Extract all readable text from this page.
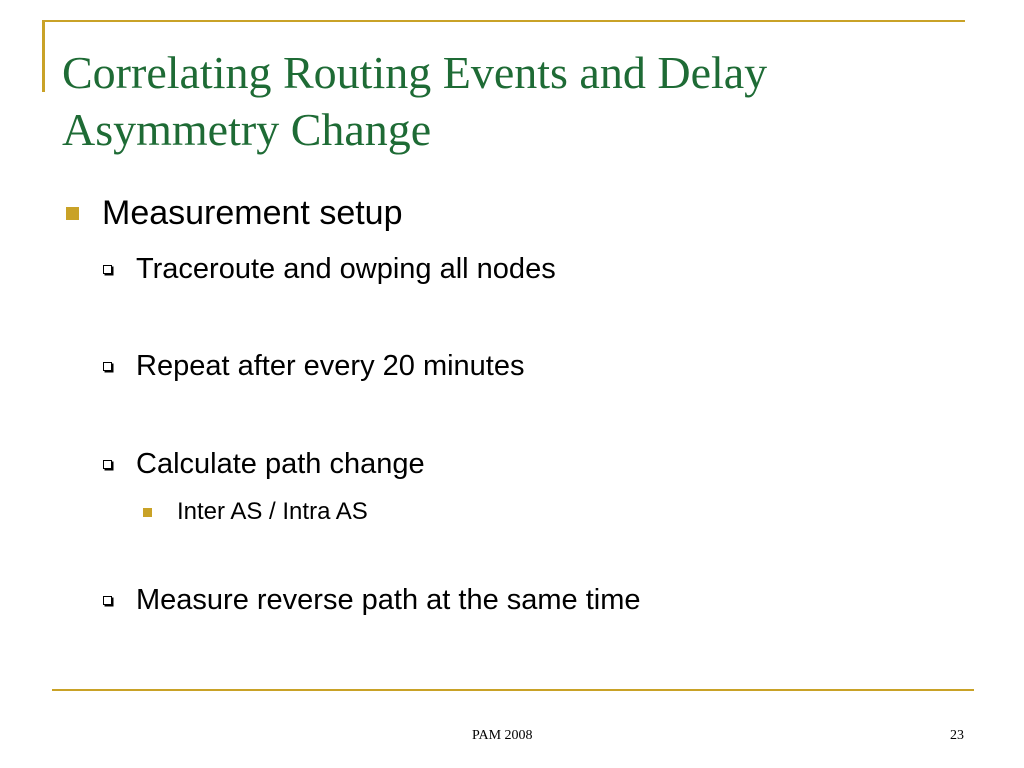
Correlating Routing Events and Delay Asymmetry Change
Measurement setup
Traceroute and owping all nodes
Repeat after every 20 minutes
Calculate path change
Inter AS / Intra AS
Measure reverse path at the same time
PAM 2008	23
